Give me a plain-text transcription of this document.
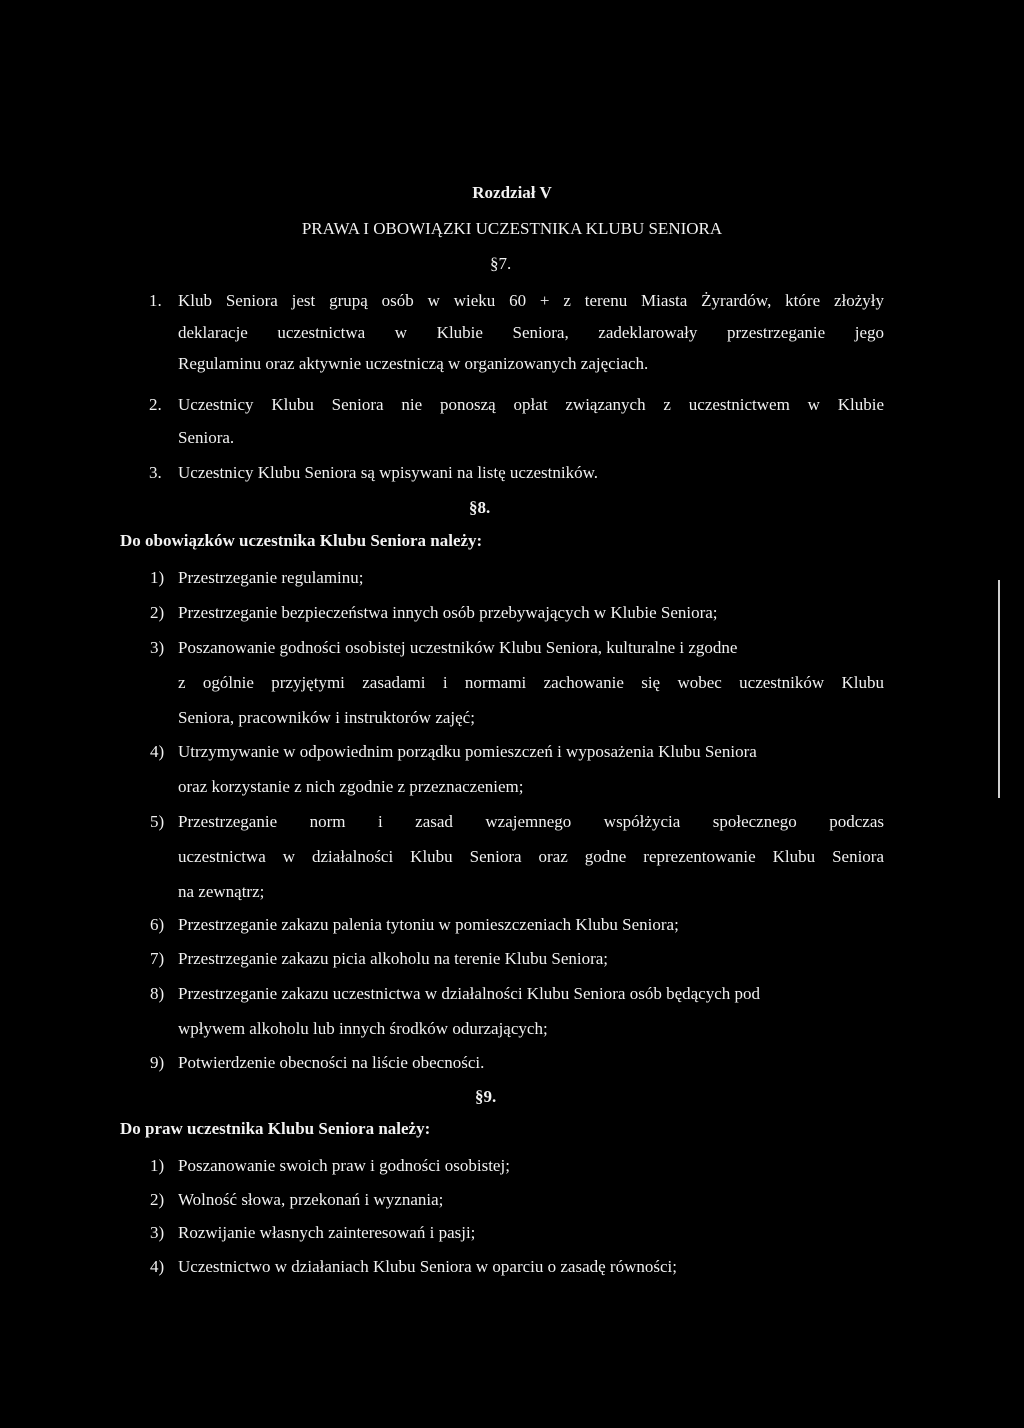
Rozdział V
PRAWA I OBOWIĄZKI UCZESTNIKA KLUBU SENIORA
§7.
1. Klub Seniora jest grupą osób w wieku 60 + z terenu Miasta Żyrardów, które złożyły
deklaracje uczestnictwa w Klubie Seniora, zadeklarowały przestrzeganie jego
Regulaminu oraz aktywnie uczestniczą w organizowanych zajęciach.
2. Uczestnicy Klubu Seniora nie ponoszą opłat związanych z uczestnictwem w Klubie
Seniora.
3. Uczestnicy Klubu Seniora są wpisywani na listę uczestników.
§8.
Do obowiązków uczestnika Klubu Seniora należy:
1) Przestrzeganie regulaminu;
2) Przestrzeganie bezpieczeństwa innych osób przebywających w Klubie Seniora;
3) Poszanowanie godności osobistej uczestników Klubu Seniora, kulturalne i zgodne
z ogólnie przyjętymi zasadami i normami zachowanie się wobec uczestników Klubu
Seniora, pracowników i instruktorów zajęć;
4) Utrzymywanie w odpowiednim porządku pomieszczeń i wyposażenia Klubu Seniora
oraz korzystanie z nich zgodnie z przeznaczeniem;
5) Przestrzeganie norm i zasad wzajemnego współżycia społecznego podczas
uczestnictwa w działalności Klubu Seniora oraz godne reprezentowanie Klubu Seniora
na zewnątrz;
6) Przestrzeganie zakazu palenia tytoniu w pomieszczeniach Klubu Seniora;
7) Przestrzeganie zakazu picia alkoholu na terenie Klubu Seniora;
8) Przestrzeganie zakazu uczestnictwa w działalności Klubu Seniora osób będących pod
wpływem alkoholu lub innych środków odurzających;
9) Potwierdzenie obecności na liście obecności.
§9.
Do praw uczestnika Klubu Seniora należy:
1) Poszanowanie swoich praw i godności osobistej;
2) Wolność słowa, przekonań i wyznania;
3) Rozwijanie własnych zainteresowań i pasji;
4) Uczestnictwo w działaniach Klubu Seniora w oparciu o zasadę równości;
